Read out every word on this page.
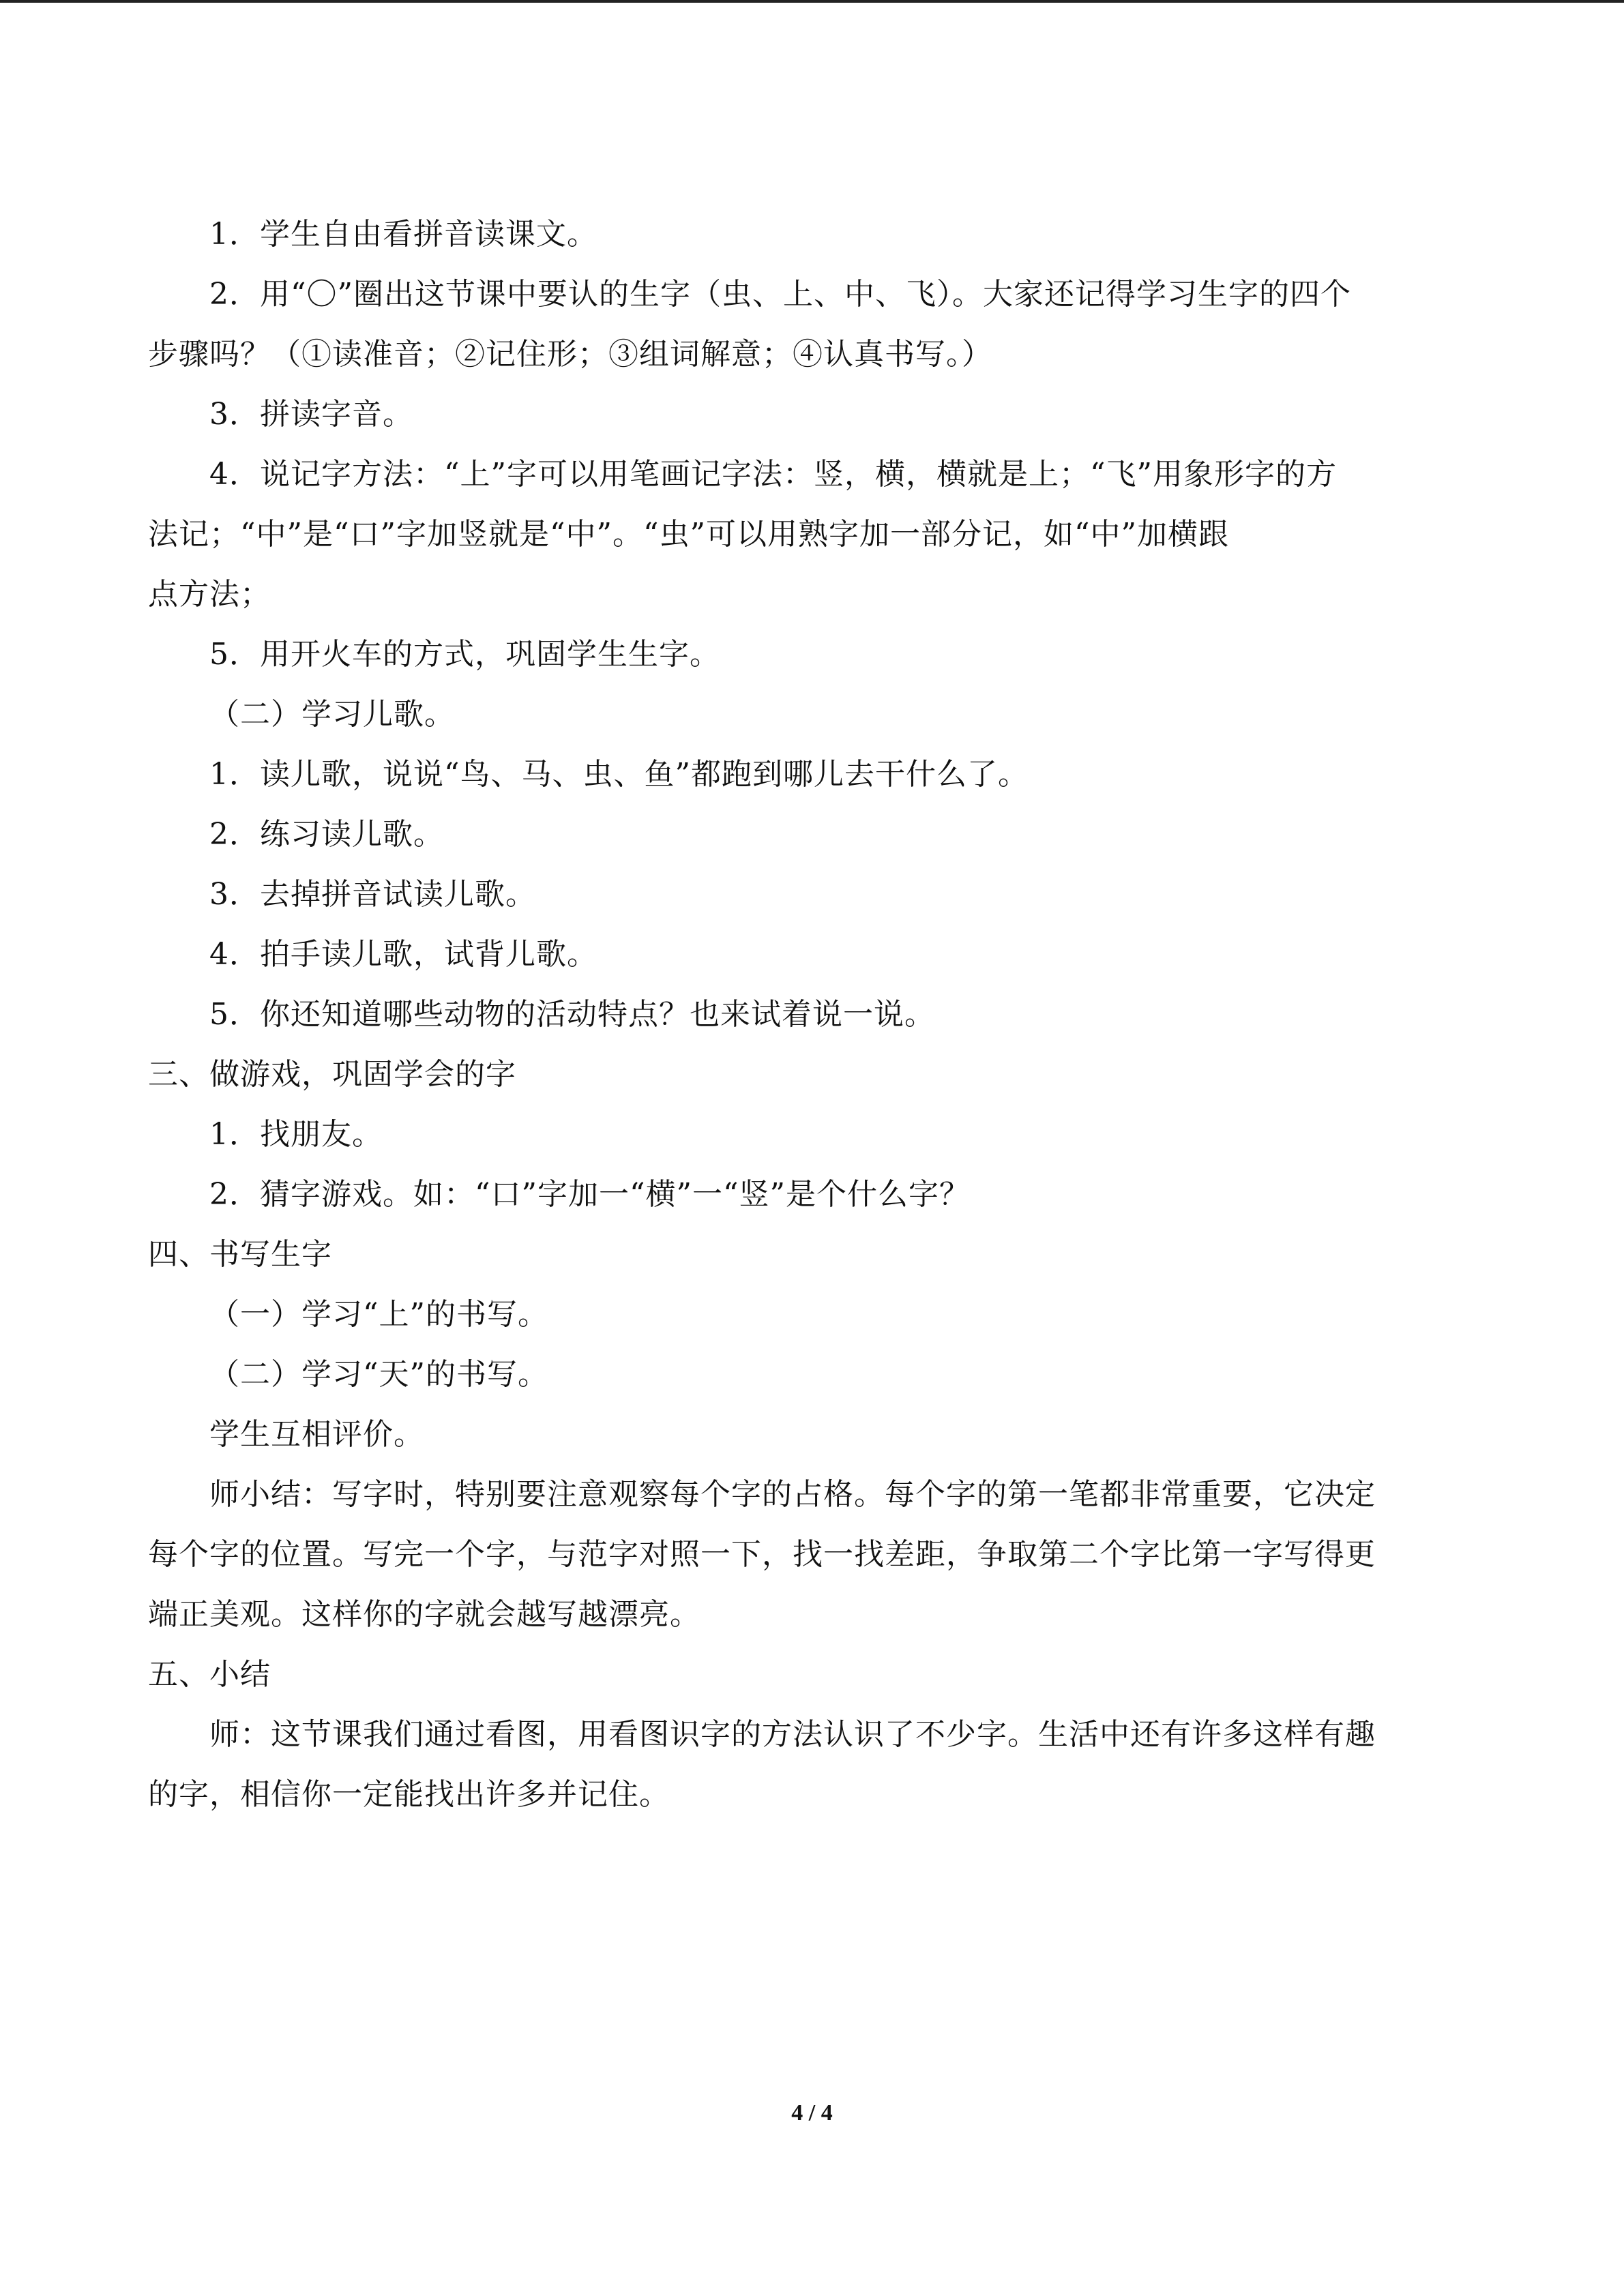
1．学生自由看拼音读课文。
2．用“〇”圈出这节课中要认的生字（虫、上、中、飞）。大家还记得学习生字的四个
步骤吗？（①读准音；②记住形；③组词解意；④认真书写。）
3．拼读字音。
4．说记字方法：“上”字可以用笔画记字法：竖，横，横就是上；“飞”用象形字的方
法记；“中”是“口”字加竖就是“中”。“虫”可以用熟字加一部分记，如“中”加横跟
点方法；
5．用开火车的方式，巩固学生生字。
（二）学习儿歌。
1．读儿歌，说说“鸟、马、虫、鱼”都跑到哪儿去干什么了。
2．练习读儿歌。
3．去掉拼音试读儿歌。
4．拍手读儿歌，试背儿歌。
5．你还知道哪些动物的活动特点？也来试着说一说。
三、做游戏，巩固学会的字
1．找朋友。
2．猜字游戏。如：“口”字加一“横”一“竖”是个什么字？
四、书写生字
（一）学习“上”的书写。
（二）学习“天”的书写。
学生互相评价。
师小结：写字时，特别要注意观察每个字的占格。每个字的第一笔都非常重要，它决定
每个字的位置。写完一个字，与范字对照一下，找一找差距，争取第二个字比第一字写得更
端正美观。这样你的字就会越写越漂亮。
五、小结
师：这节课我们通过看图，用看图识字的方法认识了不少字。生活中还有许多这样有趣
的字，相信你一定能找出许多并记住。
4 / 4
